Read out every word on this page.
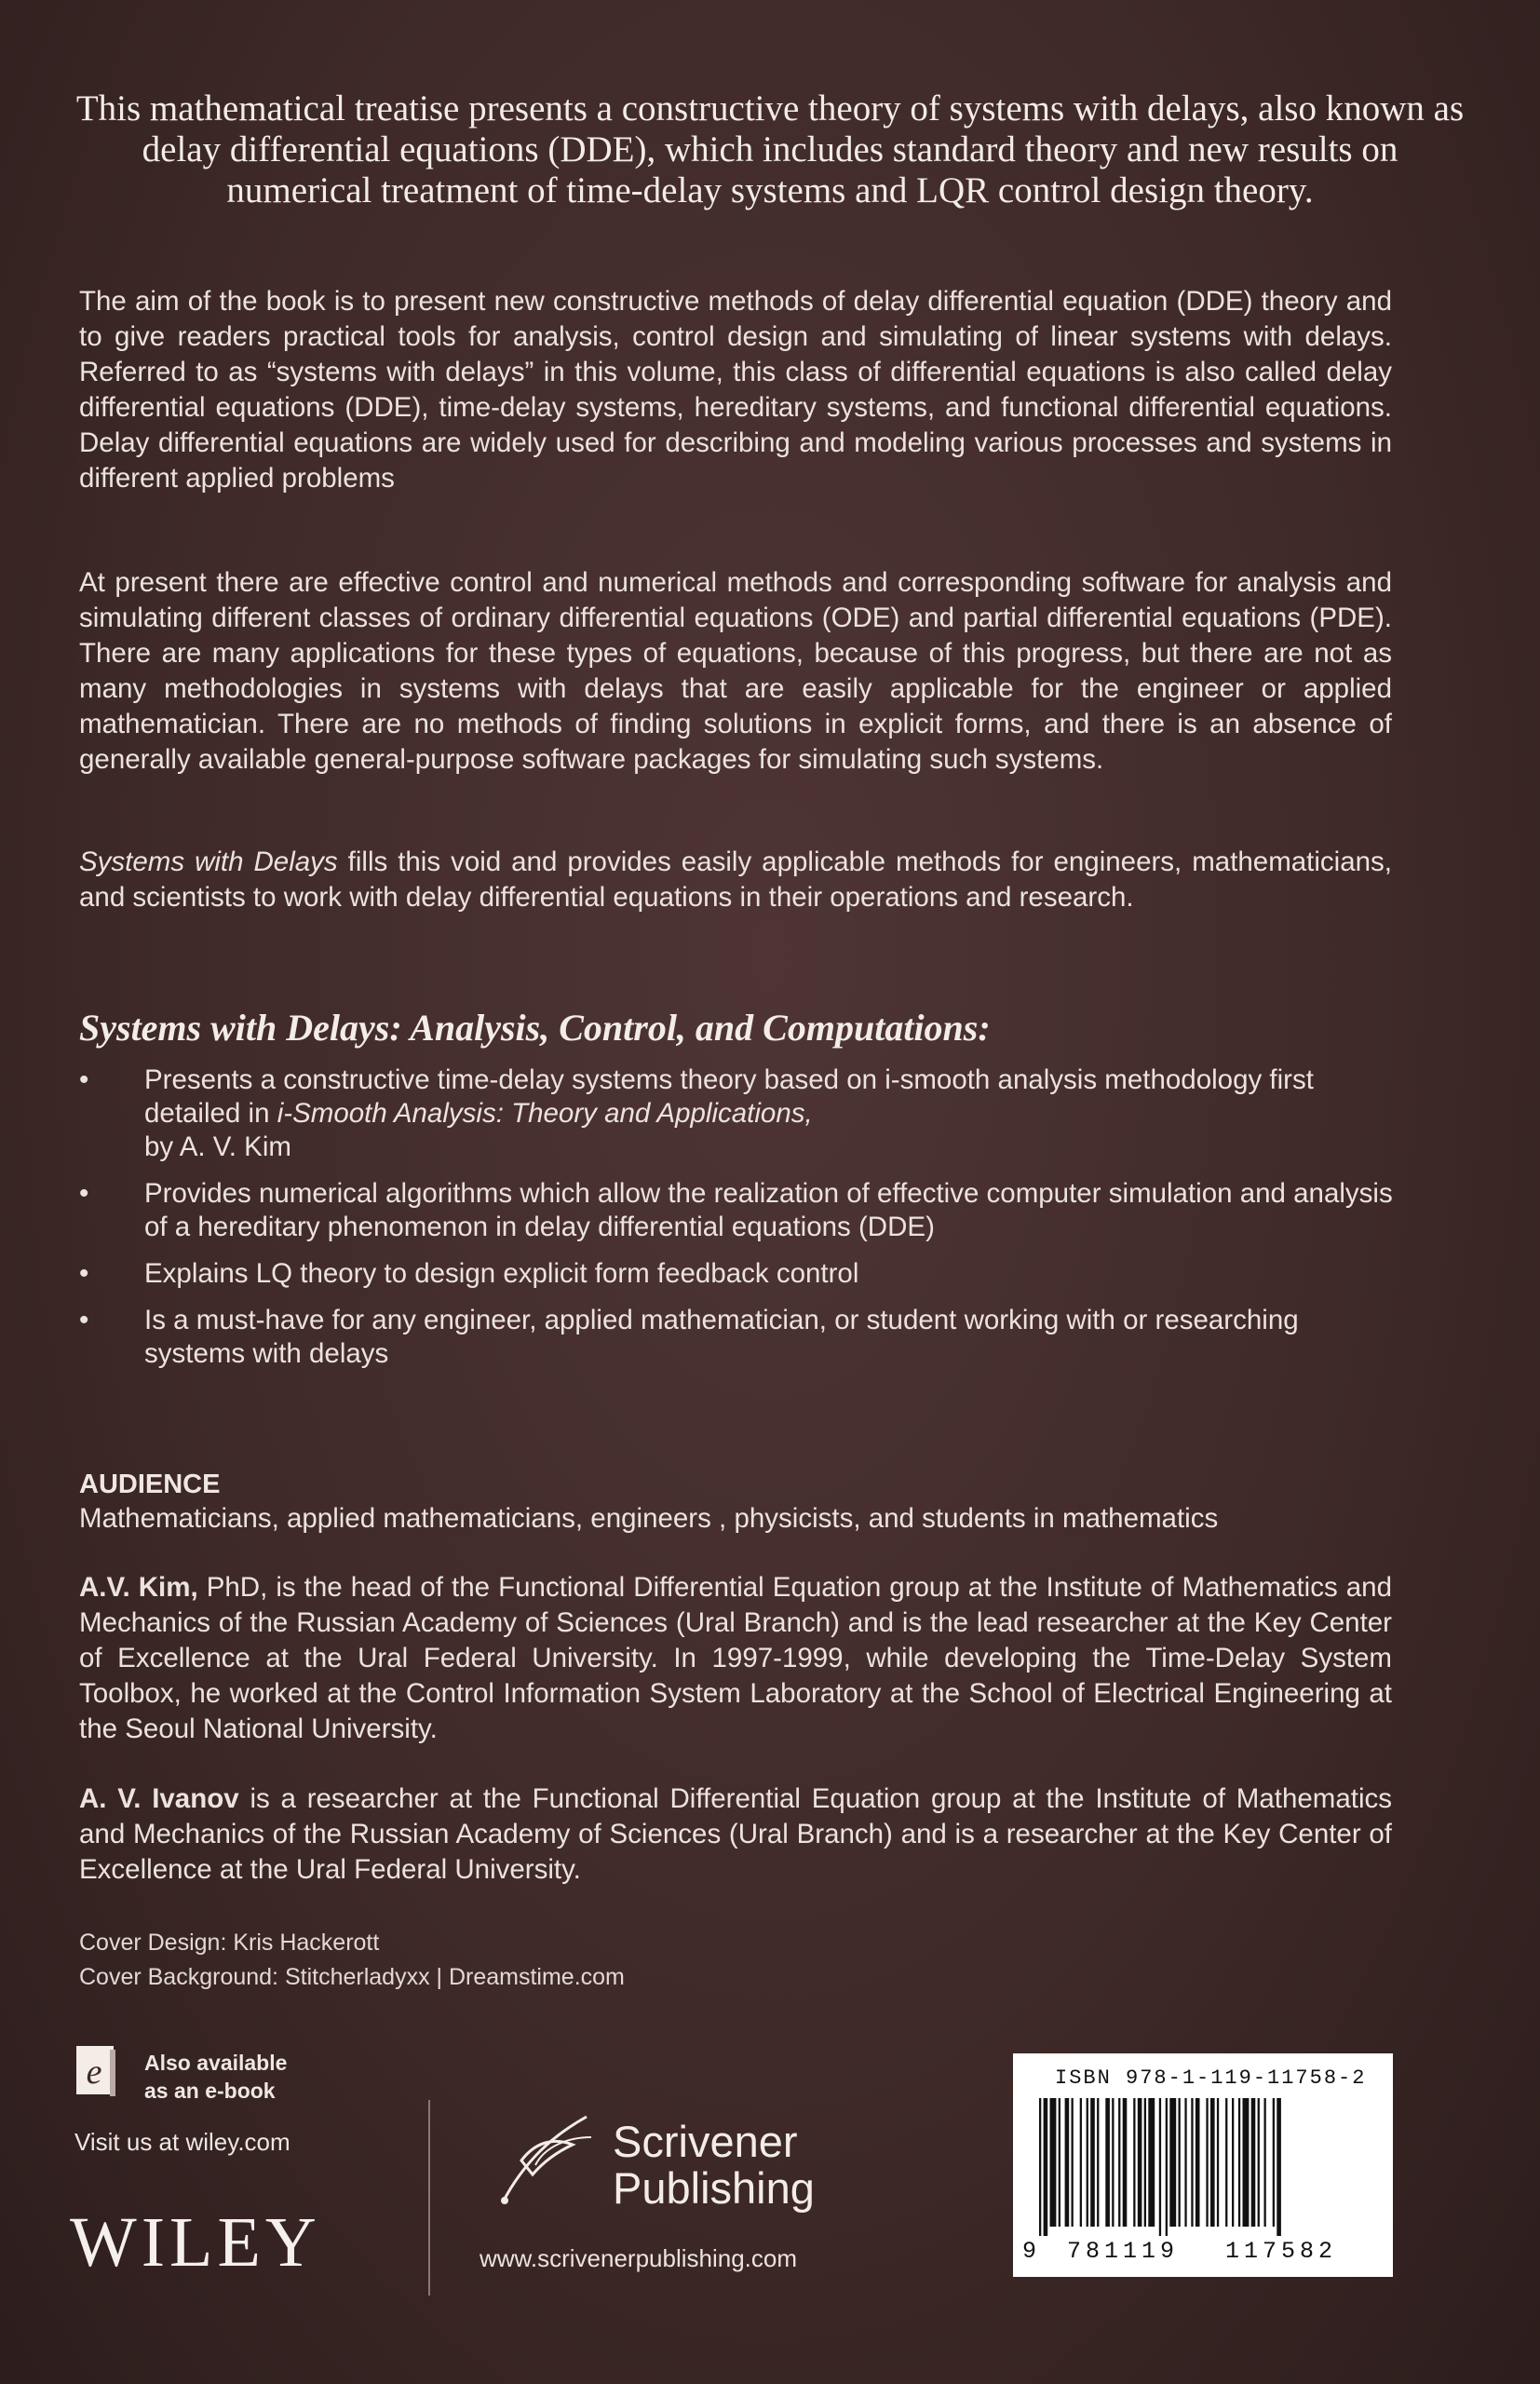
This mathematical treatise presents a constructive theory of systems with delays, also known as delay differential equations (DDE), which includes standard theory and new results on numerical treatment of time-delay systems and LQR control design theory.

The aim of the book is to present new constructive methods of delay differential equation (DDE) theory and to give readers practical tools for analysis, control design and simulating of linear systems with delays. Referred to as “systems with delays” in this volume, this class of differential equations is also called delay differential equations (DDE), time-delay systems, hereditary systems, and functional differential equations. Delay differential equations are widely used for describing and modeling various processes and systems in different applied problems

At present there are effective control and numerical methods and corresponding software for analysis and simulating different classes of ordinary differential equations (ODE) and partial differential equations (PDE). There are many applications for these types of equations, because of this progress, but there are not as many methodologies in systems with delays that are easily applicable for the engineer or applied mathematician. There are no methods of finding solutions in explicit forms, and there is an absence of generally available general-purpose software packages for simulating such systems.

Systems with Delays fills this void and provides easily applicable methods for engineers, mathematicians, and scientists to work with delay differential equations in their operations and research.

Systems with Delays: Analysis, Control, and Computations:
• Presents a constructive time-delay systems theory based on i-smooth analysis methodology first detailed in i-Smooth Analysis: Theory and Applications,
by A. V. Kim
• Provides numerical algorithms which allow the realization of effective computer simulation and analysis of a hereditary phenomenon in delay differential equations (DDE)
• Explains LQ theory to design explicit form feedback control
• Is a must-have for any engineer, applied mathematician, or student working with or researching systems with delays
AUDIENCE

Mathematicians, applied mathematicians, engineers , physicists, and students in mathematics

A.V. Kim, PhD, is the head of the Functional Differential Equation group at the Institute of Mathematics and Mechanics of the Russian Academy of Sciences (Ural Branch) and is the lead researcher at the Key Center of Excellence at the Ural Federal University. In 1997-1999, while developing the Time-Delay System Toolbox, he worked at the Control Information System Laboratory at the School of Electrical Engineering at the Seoul National University.

A. V. Ivanov is a researcher at the Functional Differential Equation group at the Institute of Mathematics and Mechanics of the Russian Academy of Sciences (Ural Branch) and is a researcher at the Key Center of Excellence at the Ural Federal University.

Cover Design: Kris Hackerott
Cover Background: Stitcherladyxx | Dreamstime.com
e Also available
as an e-book
Visit us at wiley.com
WILEY
Scrivener
Publishing
www.scrivenerpublishing.com
ISBN 978-1-119-11758-2
9 781119 117582
